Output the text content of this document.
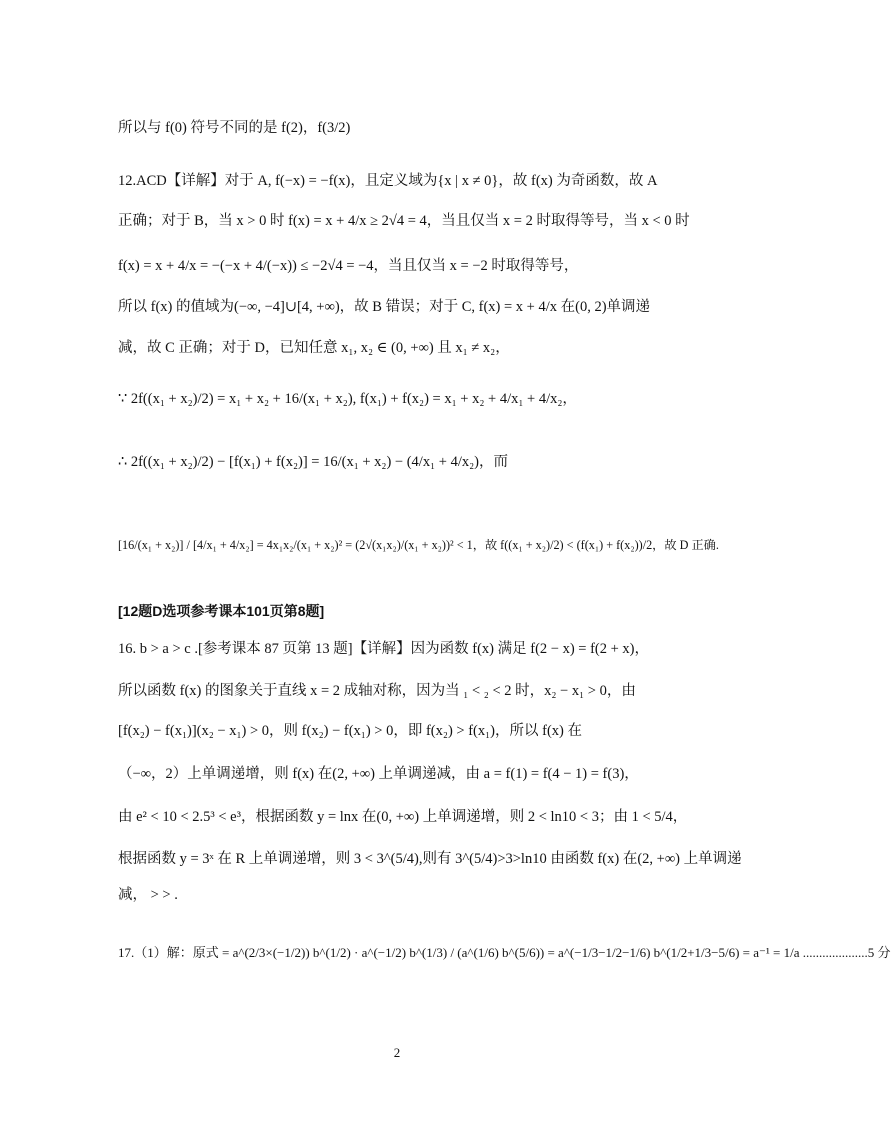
所以与 f(0) 符号不同的是 f(2)，f(3/2)
12.ACD【详解】对于 A, f(−x) = −f(x)，且定义域为{x | x ≠ 0}，故 f(x) 为奇函数，故 A
正确；对于 B，当 x > 0 时 f(x) = x + 4/x ≥ 2√4 = 4，当且仅当 x = 2 时取得等号，当 x < 0 时
f(x) = x + 4/x = −(−x + 4/(−x)) ≤ −2√4 = −4，当且仅当 x = −2 时取得等号，
所以 f(x) 的值域为(−∞, −4]∪[4, +∞)，故 B 错误；对于 C, f(x) = x + 4/x 在(0, 2)单调递
减，故 C 正确；对于 D，已知任意 x₁, x₂ ∈ (0, +∞) 且 x₁ ≠ x₂，
∵ 2f((x₁ + x₂)/2) = x₁ + x₂ + 16/(x₁ + x₂), f(x₁) + f(x₂) = x₁ + x₂ + 4/x₁ + 4/x₂，
∴ 2f((x₁ + x₂)/2) − [f(x₁) + f(x₂)] = 16/(x₁ + x₂) − (4/x₁ + 4/x₂)，而
[16/(x₁ + x₂)] / [4/x₁ + 4/x₂] = 4x₁x₂/(x₁ + x₂)² = (2√(x₁x₂)/(x₁ + x₂))² < 1，故 f((x₁ + x₂)/2) < (f(x₁) + f(x₂))/2，故 D 正确.
[12题D选项参考课本101页第8题]
16. b > a > c .[参考课本 87 页第 13 题]【详解】因为函数 f(x) 满足 f(2 − x) = f(2 + x)，
所以函数 f(x) 的图象关于直线 x = 2 成轴对称，因为当 ₁ < ₂ < 2 时，x₂ − x₁ > 0，由
[f(x₂) − f(x₁)](x₂ − x₁) > 0，则 f(x₂) − f(x₁) > 0，即 f(x₂) > f(x₁)，所以 f(x) 在
（−∞，2）上单调递增，则 f(x) 在(2, +∞) 上单调递减，由 a = f(1) = f(4 − 1) = f(3)，
由 e² < 10 < 2.5³ < e³，根据函数 y = lnx 在(0, +∞) 上单调递增，则 2 < ln10 < 3；由 1 < 5/4，
根据函数 y = 3ˣ 在 R 上单调递增，则 3 < 3^(5/4),则有 3^(5/4)>3>ln10 由函数 f(x) 在(2, +∞) 上单调递
减， > > .
17.（1）解：原式 = a^(2/3×(−1/2)) b^(1/2) · a^(−1/2) b^(1/3) / (a^(1/6) b^(5/6)) = a^(−1/3−1/2−1/6) b^(1/2+1/3−5/6) = a⁻¹ = 1/a ....................5 分
2
